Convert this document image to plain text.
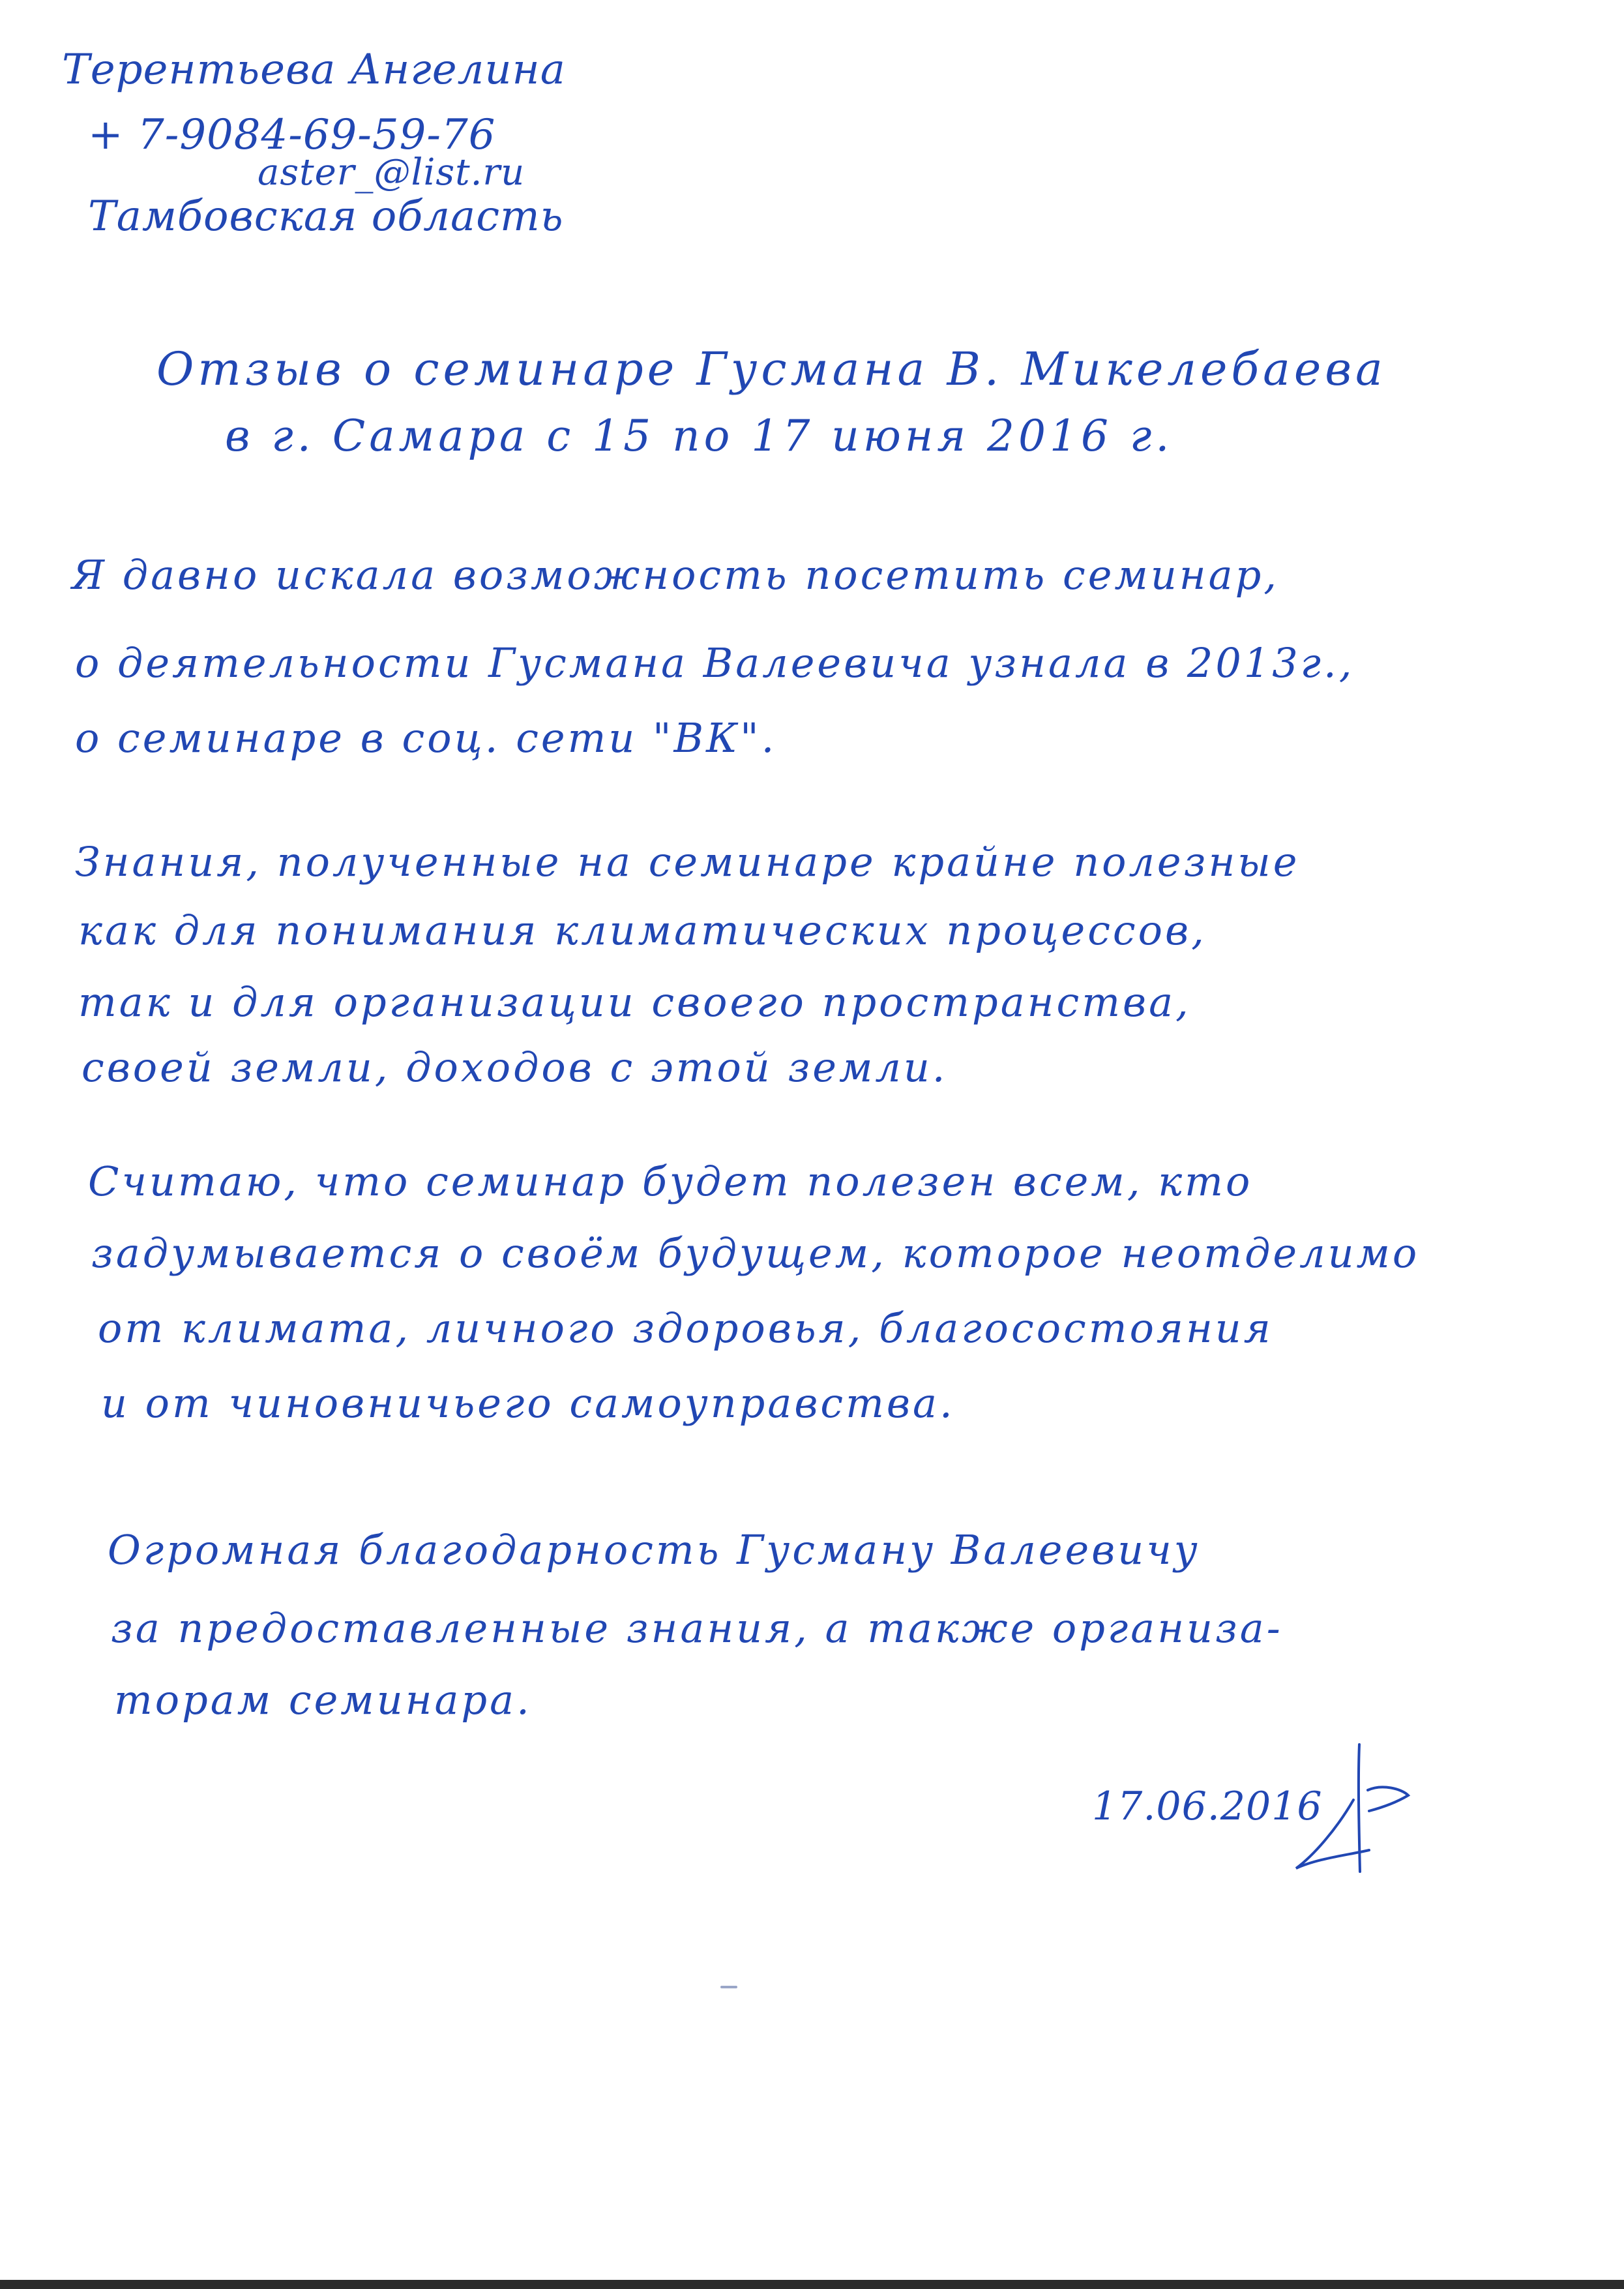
Терентьева Ангелина
+ 7-9084-69-59-76
aster_@list.ru
Тамбовская область
Отзыв о семинаре Гусмана В. Микелебаева
в г. Самара с 15 по 17 июня 2016 г.
Я давно искала возможность посетить семинар,
о деятельности Гусмана Валеевича узнала в 2013г.,
о семинаре в соц. сети "ВК".
Знания, полученные на семинаре крайне полезные
как для понимания климатических процессов,
так и для организации своего пространства,
своей земли, доходов с этой земли.
Считаю, что семинар будет полезен всем, кто
задумывается о своём будущем, которое неотделимо
от климата, личного здоровья, благосостояния
и от чиновничьего самоуправства.
Огромная благодарность Гусману Валеевичу
за предоставленные знания, а также организа-
торам семинара.
17.06.2016
